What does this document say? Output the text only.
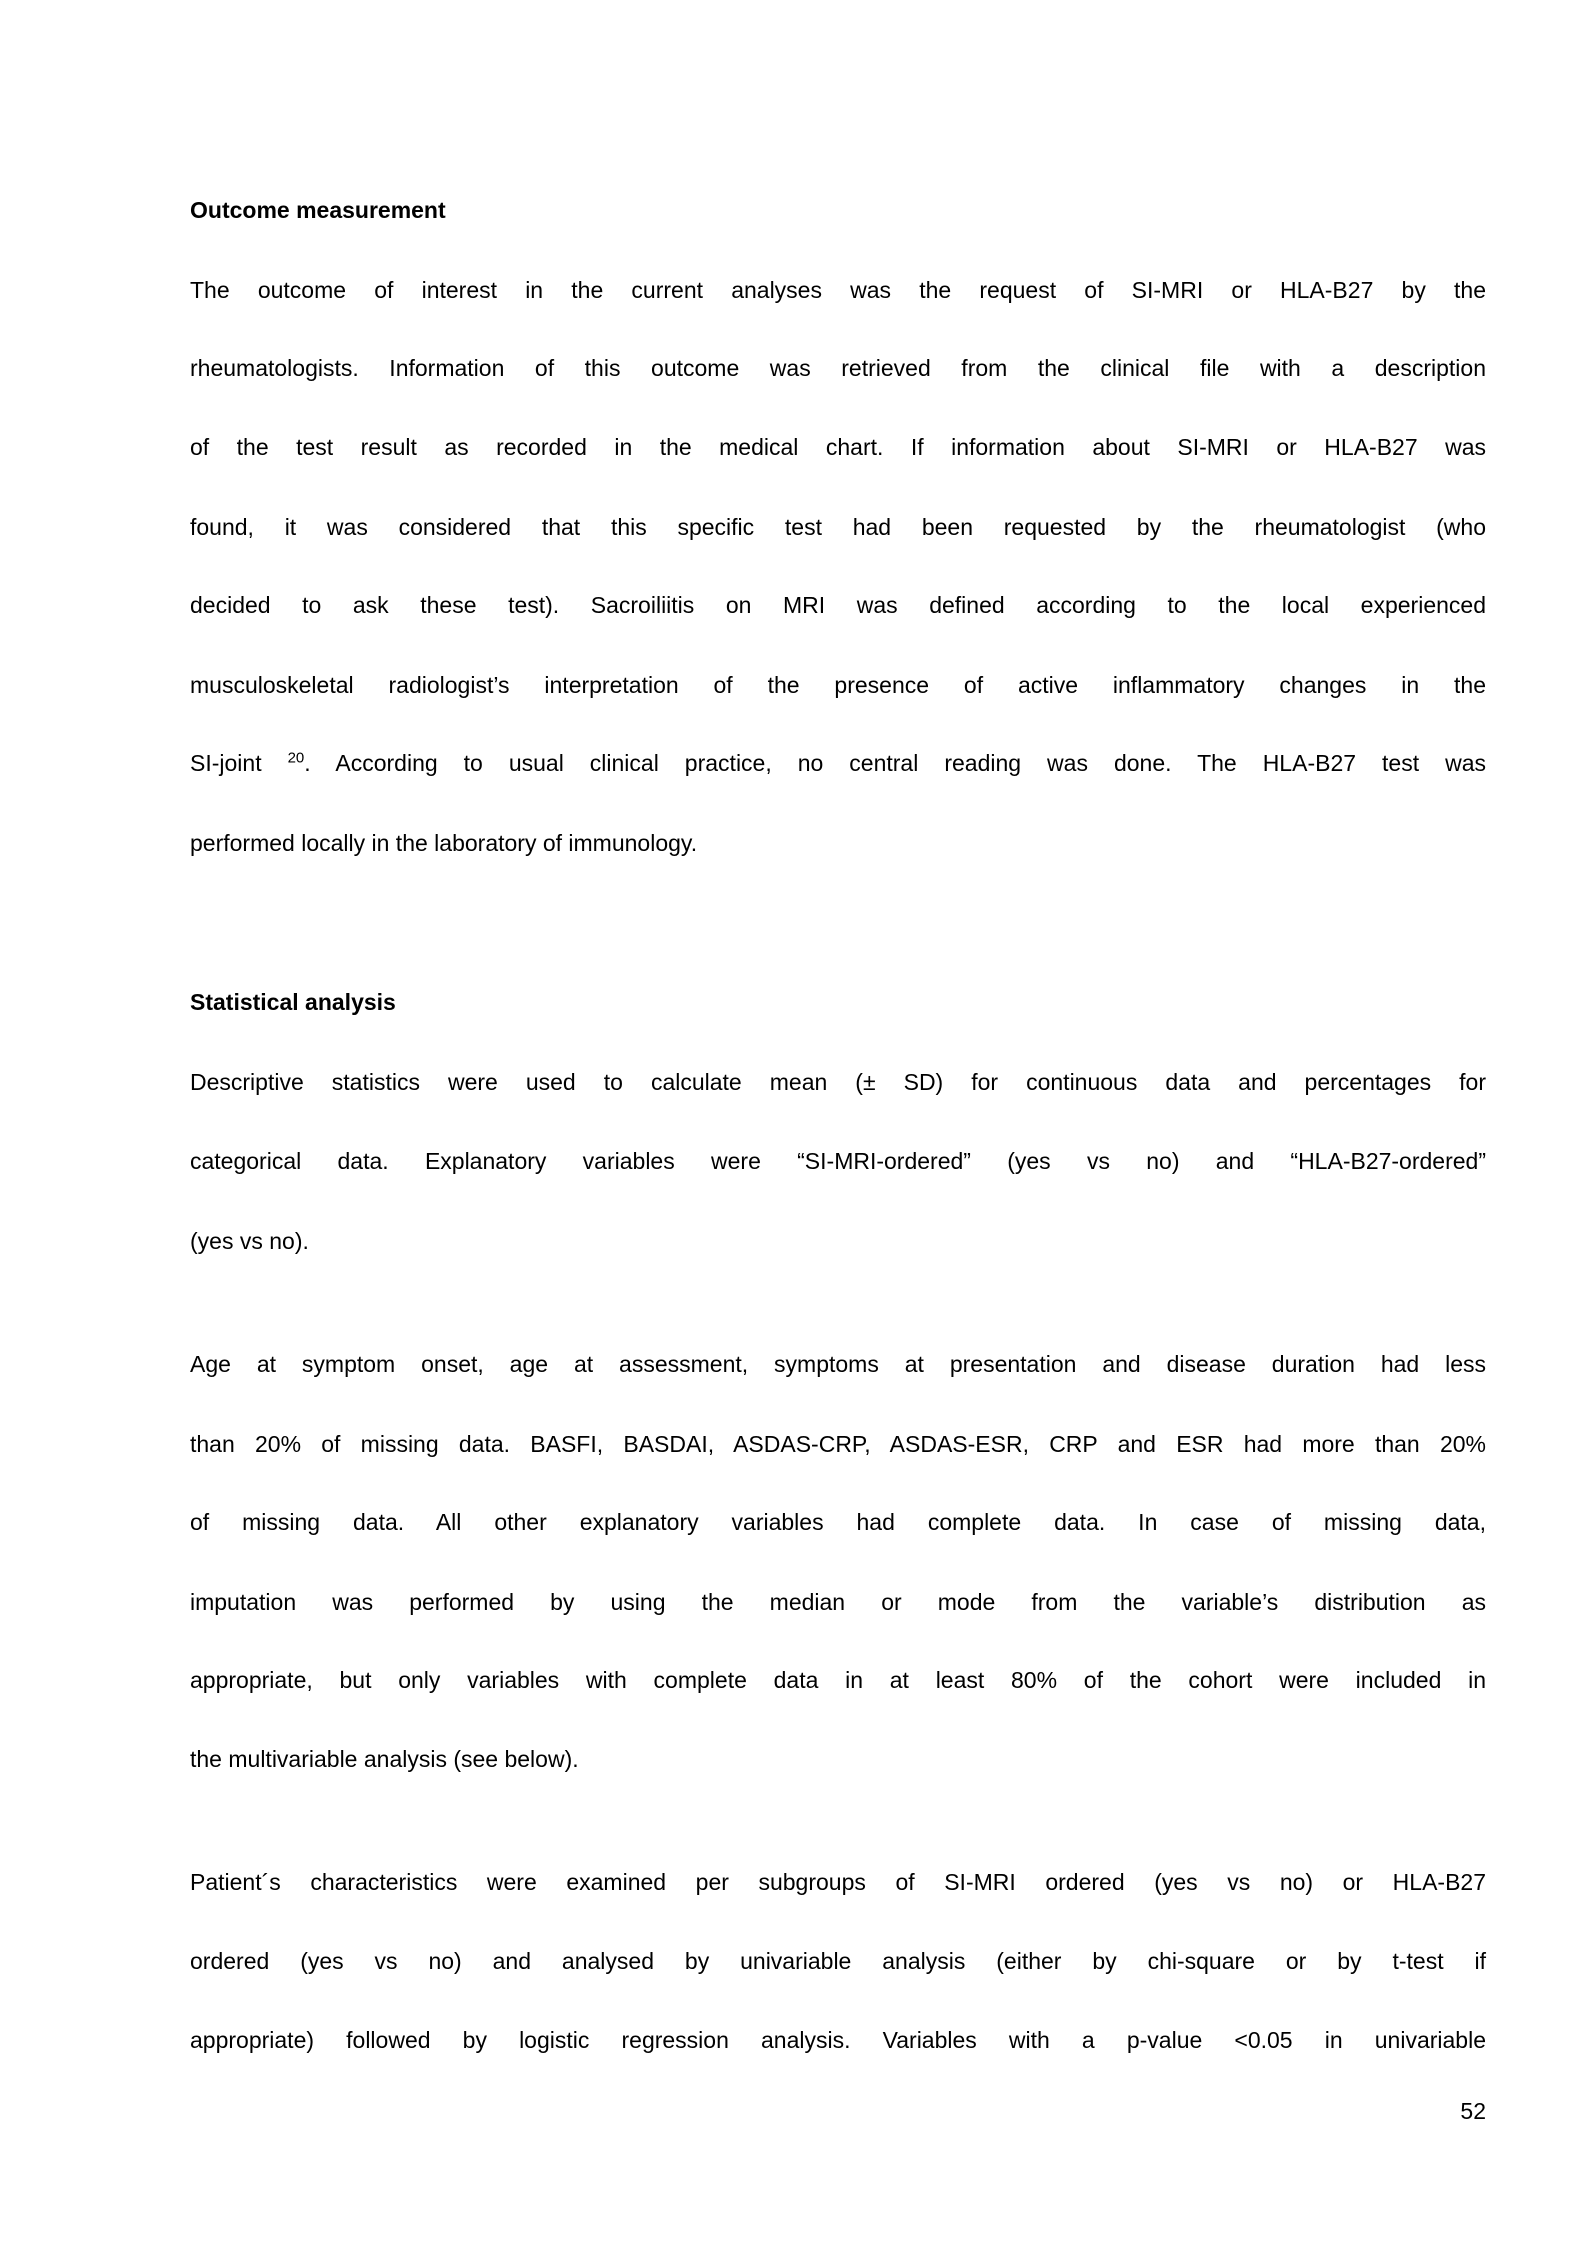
Outcome measurement
The outcome of interest in the current analyses was the request of SI-MRI or HLA-B27 by the
rheumatologists. Information of this outcome was retrieved from the clinical file with a description
of the test result as recorded in the medical chart. If information about SI-MRI or HLA-B27 was
found, it was considered that this specific test had been requested by the rheumatologist (who
decided to ask these test). Sacroiliitis on MRI was defined according to the local experienced
musculoskeletal radiologist’s interpretation of the presence of active inflammatory changes in the
SI-joint $^{20}$. According to usual clinical practice, no central reading was done. The HLA-B27 test was
performed locally in the laboratory of immunology.
Statistical analysis
Descriptive statistics were used to calculate mean (± SD) for continuous data and percentages for
categorical data. Explanatory variables were “SI-MRI-ordered” (yes vs no) and “HLA-B27-ordered”
(yes vs no).
Age at symptom onset, age at assessment, symptoms at presentation and disease duration had less
than 20% of missing data. BASFI, BASDAI, ASDAS-CRP, ASDAS-ESR, CRP and ESR had more than 20%
of missing data. All other explanatory variables had complete data. In case of missing data,
imputation was performed by using the median or mode from the variable’s distribution as
appropriate, but only variables with complete data in at least 80% of the cohort were included in
the multivariable analysis (see below).
Patient´s characteristics were examined per subgroups of SI-MRI ordered (yes vs no) or HLA-B27
ordered (yes vs no) and analysed by univariable analysis (either by chi-square or by t-test if
appropriate) followed by logistic regression analysis. Variables with a p-value <0.05 in univariable
52
